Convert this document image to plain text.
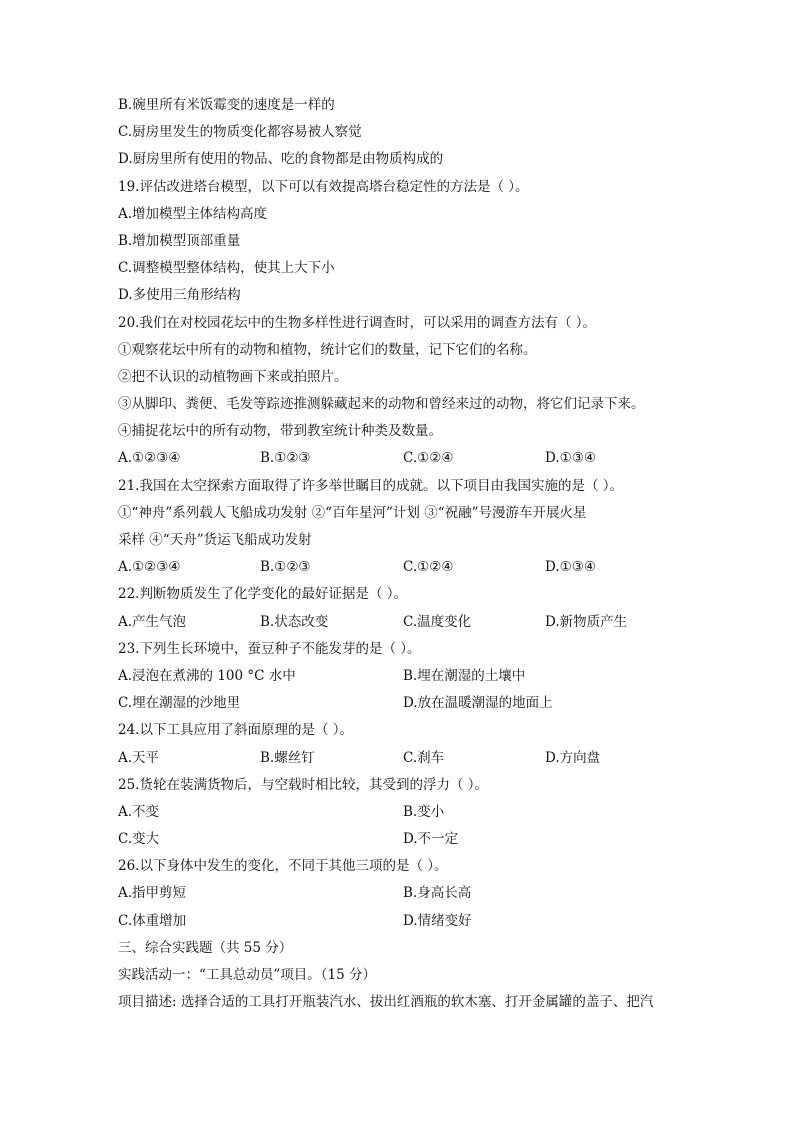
B.碗里所有米饭霉变的速度是一样的
C.厨房里发生的物质变化都容易被人察觉
D.厨房里所有使用的物品、吃的食物都是由物质构成的
19.评估改进塔台模型，以下可以有效提高塔台稳定性的方法是（ ）。
A.增加模型主体结构高度
B.增加模型顶部重量
C.调整模型整体结构，使其上大下小
D.多使用三角形结构
20.我们在对校园花坛中的生物多样性进行调查时，可以采用的调查方法有（ ）。
①观察花坛中所有的动物和植物，统计它们的数量，记下它们的名称。
②把不认识的动植物画下来或拍照片。
③从脚印、粪便、毛发等踪迹推测躲藏起来的动物和曾经来过的动物，将它们记录下来。
④捕捉花坛中的所有动物，带到教室统计种类及数量。
A.①②③④	B.①②③	C.①②④	D.①③④
21.我国在太空探索方面取得了许多举世瞩目的成就。以下项目由我国实施的是（ ）。
①“神舟”系列载人飞船成功发射 ②“百年星河”计划 ③“祝融”号漫游车开展火星
采样 ④“天舟”货运飞船成功发射
A.①②③④	B.①②③	C.①②④	D.①③④
22.判断物质发生了化学变化的最好证据是（ ）。
A.产生气泡	B.状态改变	C.温度变化	D.新物质产生
23.下列生长环境中，蚕豆种子不能发芽的是（ ）。
A.浸泡在煮沸的 100 °C 水中	B.埋在潮湿的土壤中
C.埋在潮湿的沙地里	D.放在温暖潮湿的地面上
24.以下工具应用了斜面原理的是（ ）。
A.天平	B.螺丝钉	C.刹车	D.方向盘
25.货轮在装满货物后，与空载时相比较，其受到的浮力（ ）。
A.不变	B.变小
C.变大	D.不一定
26.以下身体中发生的变化，不同于其他三项的是（ ）。
A.指甲剪短	B.身高长高
C.体重增加	D.情绪变好
三、综合实践题（共 55 分）
实践活动一：“工具总动员”项目。（15 分）
项目描述: 选择合适的工具打开瓶装汽水、拔出红酒瓶的软木塞、打开金属罐的盖子、把汽
